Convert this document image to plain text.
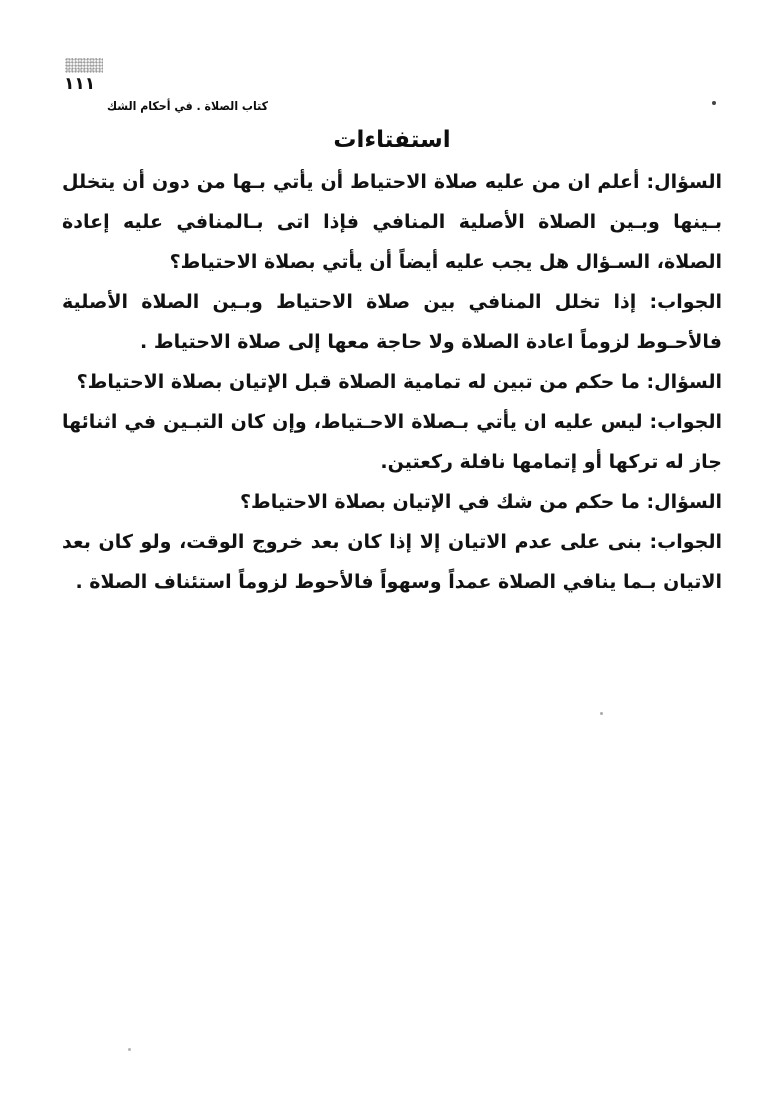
١١١
كتاب الصلاة . في أحكام الشك
استفتاءات

السؤال: أعلم ان من عليه صلاة الاحتياط أن يأتي بـها من دون أن يتخلل بـينها وبـين الصلاة الأصلية المنافي فإذا اتى بـالمنافي عليه إعادة الصلاة، السـؤال هل يجب عليه أيضاً أن يأتي بصلاة الاحتياط؟

الجواب: إذا تخلل المنافي بين صلاة الاحتياط وبـين الصلاة الأصلية فالأحـوط لزوماً اعادة الصلاة ولا حاجة معها إلى صلاة الاحتياط .

السؤال: ما حكم من تبين له تمامية الصلاة قبل الإتيان بصلاة الاحتياط؟

الجواب: ليس عليه ان يأتي بـصلاة الاحـتياط، وإن كان التبـين في اثنائها جاز له تركها أو إتمامها نافلة ركعتين.

السؤال: ما حكم من شك في الإتيان بصلاة الاحتياط؟

الجواب: بنى على عدم الاتيان إلا إذا كان بعد خروج الوقت، ولو كان بعد الاتيان بـما ينافي الصلاة عمداً وسهواً فالأحوط لزوماً استئناف الصلاة .
